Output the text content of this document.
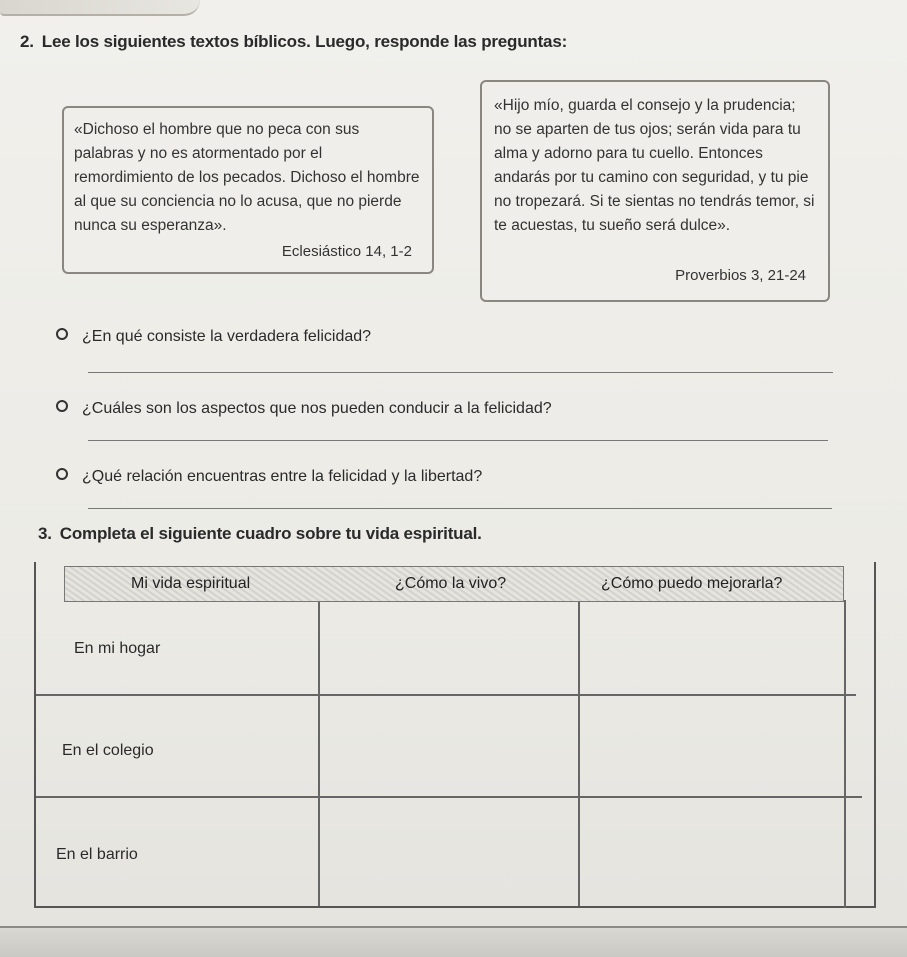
2. Lee los siguientes textos bíblicos. Luego, responde las preguntas:

«Dichoso el hombre que no peca con sus palabras y no es atormentado por el remordimiento de los pecados. Dichoso el hombre al que su conciencia no lo acusa, que no pierde nunca su esperanza».

Eclesiástico 14, 1-2

«Hijo mío, guarda el consejo y la prudencia; no se aparten de tus ojos; serán vida para tu alma y adorno para tu cuello. Entonces andarás por tu camino con seguridad, y tu pie no tropezará. Si te sientas no tendrás temor, si te acuestas, tu sueño será dulce».

Proverbios 3, 21-24
¿En qué consiste la verdadera felicidad?
¿Cuáles son los aspectos que nos pueden conducir a la felicidad?
¿Qué relación encuentras entre la felicidad y la libertad?
3. Completa el siguiente cuadro sobre tu vida espiritual.
Mi vida espiritual	¿Cómo la vivo?	¿Cómo puedo mejorarla?
En mi hogar
En el colegio
En el barrio
